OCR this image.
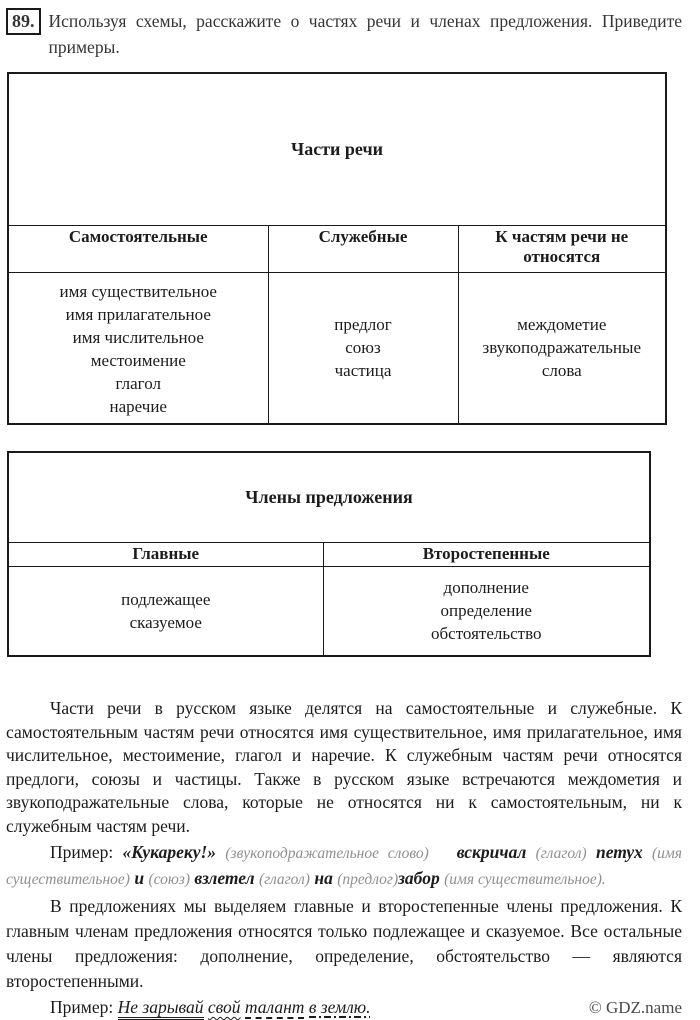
89. Используя схемы, расскажите о частях речи и членах предложения. Приведите примеры.
Части речи		
Самостоятельные	Служебные	К частям речи не относятся

имя существительное
имя прилагательное
имя числительное
местоимение
глагол
наречие

предлог
союз
частица

междометие
звукоподражательные слова
Члены предложения	
Главные	Второстепенные

подлежащее
сказуемое

дополнение
определение
обстоятельство

Части речи в русском языке делятся на самостоятельные и служебные. К самостоятельным частям речи относятся имя существительное, имя прилагательное, имя числительное, местоимение, глагол и наречие. К служебным частям речи относятся предлоги, союзы и частицы. Также в русском языке встречаются междометия и звукоподражательные слова, которые не относятся ни к самостоятельным, ни к служебным частям речи.

Пример: «Кукареку!» (звукоподражательное слово) вскричал (глагол) петух (имя существительное) и (союз) взлетел (глагол) на (предлог)забор (имя существительное).

В предложениях мы выделяем главные и второстепенные члены предложения. К главным членам предложения относятся только подлежащее и сказуемое. Все остальные члены предложения: дополнение, определение, обстоятельство — являются второстепенными.

Пример: Не зарывай свой талант в землю.	© GDZ.name
